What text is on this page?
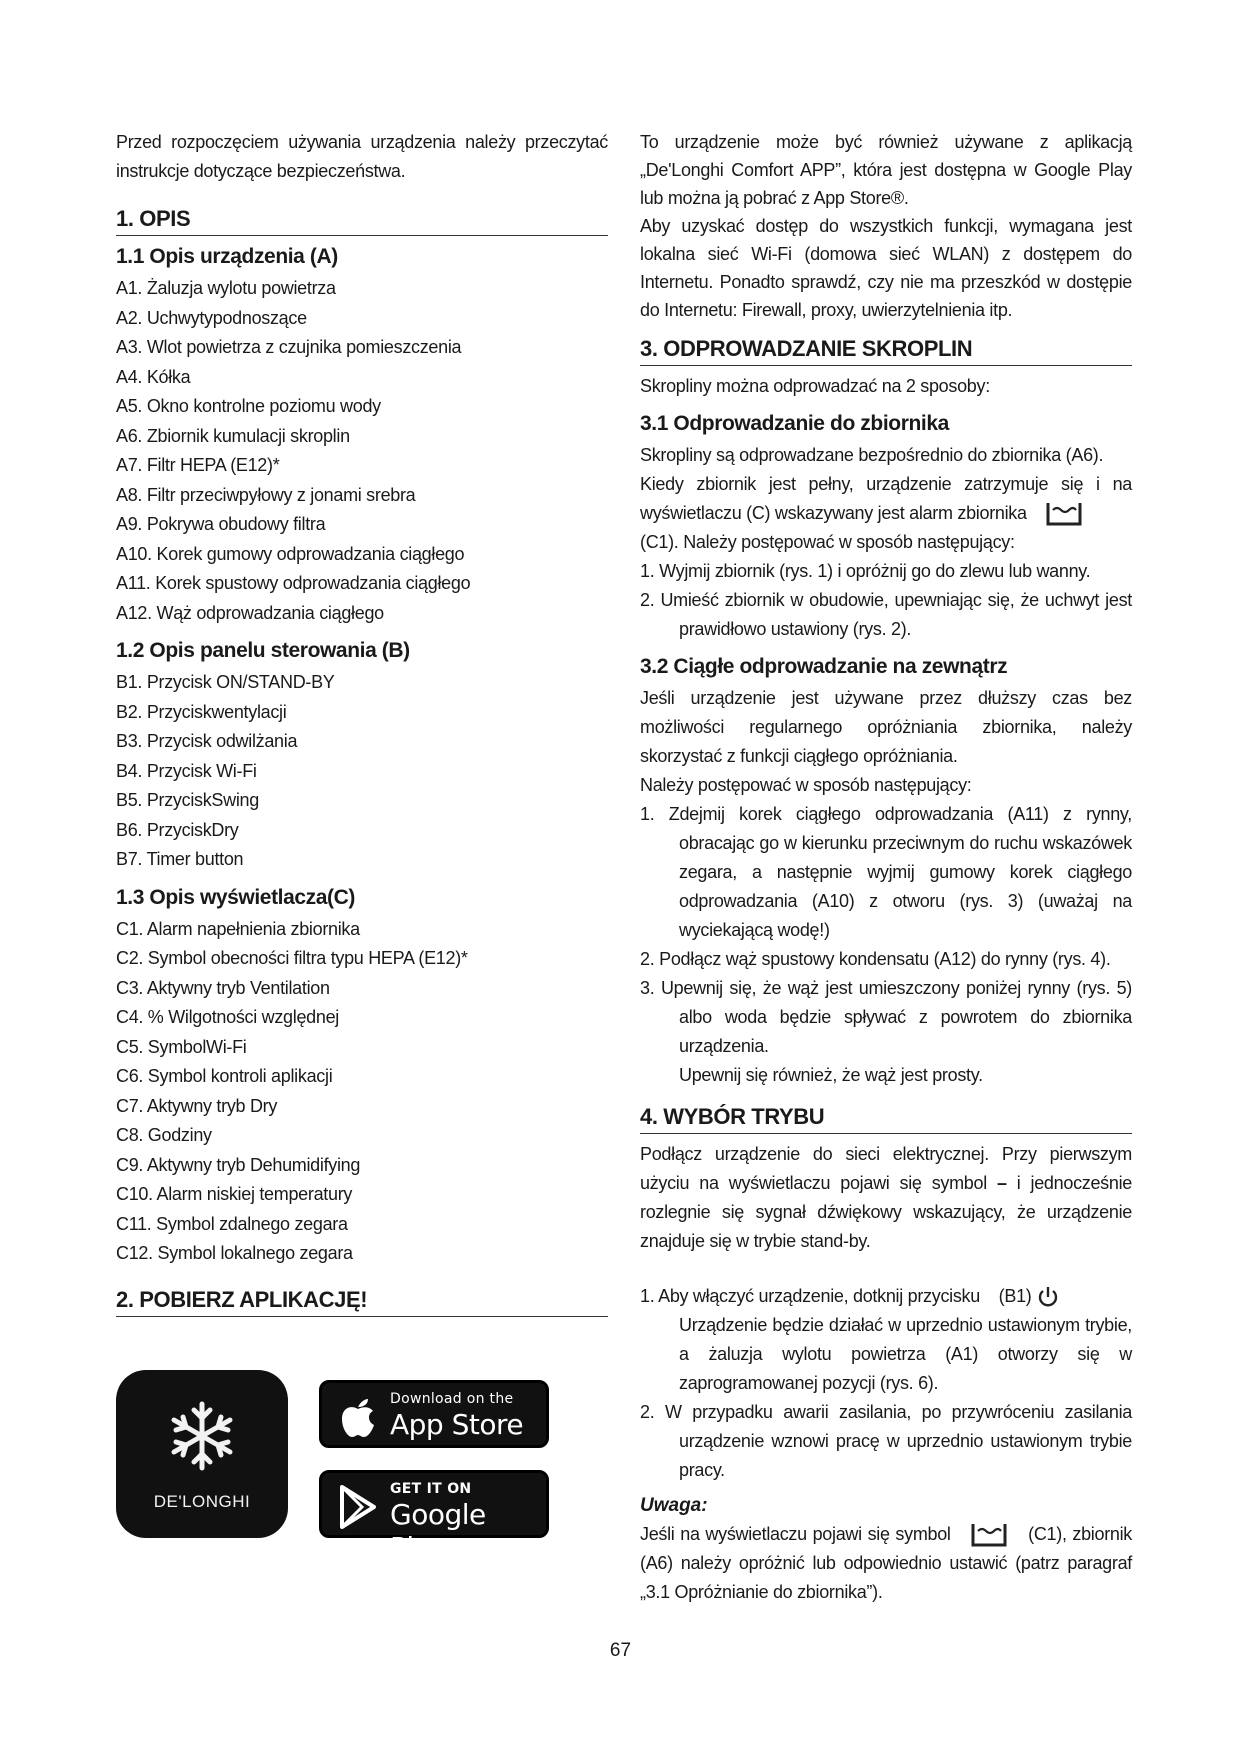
Przed rozpoczęciem używania urządzenia należy przeczytać instrukcje dotyczące bezpieczeństwa.

1. OPIS
1.1 Opis urządzenia (A)
A1. Żaluzja wylotu powietrza
A2. Uchwytypodnoszące
A3. Wlot powietrza z czujnika pomieszczenia
A4. Kółka
A5. Okno kontrolne poziomu wody
A6. Zbiornik kumulacji skroplin
A7. Filtr HEPA (E12)*
A8. Filtr przeciwpyłowy z jonami srebra
A9. Pokrywa obudowy filtra
A10. Korek gumowy odprowadzania ciągłego
A11. Korek spustowy odprowadzania ciągłego
A12. Wąż odprowadzania ciągłego
1.2 Opis panelu sterowania (B)
B1. Przycisk ON/STAND-BY
B2. Przyciskwentylacji
B3. Przycisk odwilżania
B4. Przycisk Wi-Fi
B5. PrzyciskSwing
B6. PrzyciskDry
B7. Timer button
1.3 Opis wyświetlacza(C)
C1. Alarm napełnienia zbiornika
C2. Symbol obecności filtra typu HEPA (E12)*
C3. Aktywny tryb Ventilation
C4. % Wilgotności względnej
C5. SymbolWi-Fi
C6. Symbol kontroli aplikacji
C7. Aktywny tryb Dry
C8. Godziny
C9. Aktywny tryb Dehumidifying
C10. Alarm niskiej temperatury
C11. Symbol zdalnego zegara
C12. Symbol lokalnego zegara
2. POBIERZ APLIKACJĘ!
DE'LONGHI
Download on the
App Store
GET IT ON
Google Play

To urządzenie może być również używane z aplikacją „De'Longhi Comfort APP”, która jest dostępna w Google Play lub można ją pobrać z App Store®.

Aby uzyskać dostęp do wszystkich funkcji, wymagana jest lokalna sieć Wi-Fi (domowa sieć WLAN) z dostępem do Internetu. Ponadto sprawdź, czy nie ma przeszkód w dostępie do Internetu: Firewall, proxy, uwierzytelnienia itp.

3. ODPROWADZANIE SKROPLIN

Skropliny można odprowadzać na 2 sposoby:

3.1 Odprowadzanie do zbiornika

Skropliny są odprowadzane bezpośrednio do zbiornika (A6).

Kiedy zbiornik jest pełny, urządzenie zatrzymuje się i na wyświetlaczu (C) wskazywany jest alarm zbiornika

(C1). Należy postępować w sposób następujący:

1. Wyjmij zbiornik (rys. 1) i opróżnij go do zlewu lub wanny.

2. Umieść zbiornik w obudowie, upewniając się, że uchwyt jest prawidłowo ustawiony (rys. 2).

3.2 Ciągłe odprowadzanie na zewnątrz

Jeśli urządzenie jest używane przez dłuższy czas bez możliwości regularnego opróżniania zbiornika, należy skorzystać z funkcji ciągłego opróżniania.

Należy postępować w sposób następujący:

1. Zdejmij korek ciągłego odprowadzania (A11) z rynny, obracając go w kierunku przeciwnym do ruchu wskazówek zegara, a następnie wyjmij gumowy korek ciągłego odprowadzania (A10) z otworu (rys. 3) (uważaj na wyciekającą wodę!)

2. Podłącz wąż spustowy kondensatu (A12) do rynny (rys. 4).

3. Upewnij się, że wąż jest umieszczony poniżej rynny (rys. 5) albo woda będzie spływać z powrotem do zbiornika urządzenia.

Upewnij się również, że wąż jest prosty.

4. WYBÓR TRYBU

Podłącz urządzenie do sieci elektrycznej. Przy pierwszym użyciu na wyświetlaczu pojawi się symbol – i jednocześnie rozlegnie się sygnał dźwiękowy wskazujący, że urządzenie znajduje się w trybie stand-by.

1. Aby włączyć urządzenie, dotknij przycisku (B1)

Urządzenie będzie działać w uprzednio ustawionym trybie, a żaluzja wylotu powietrza (A1) otworzy się w zaprogramowanej pozycji (rys. 6).

2. W przypadku awarii zasilania, po przywróceniu zasilania urządzenie wznowi pracę w uprzednio ustawionym trybie pracy.

Uwaga:

Jeśli na wyświetlaczu pojawi się symbol	(C1), zbiornik (A6) należy opróżnić lub odpowiednio ustawić (patrz paragraf „3.1 Opróżnianie do zbiornika”).

67
